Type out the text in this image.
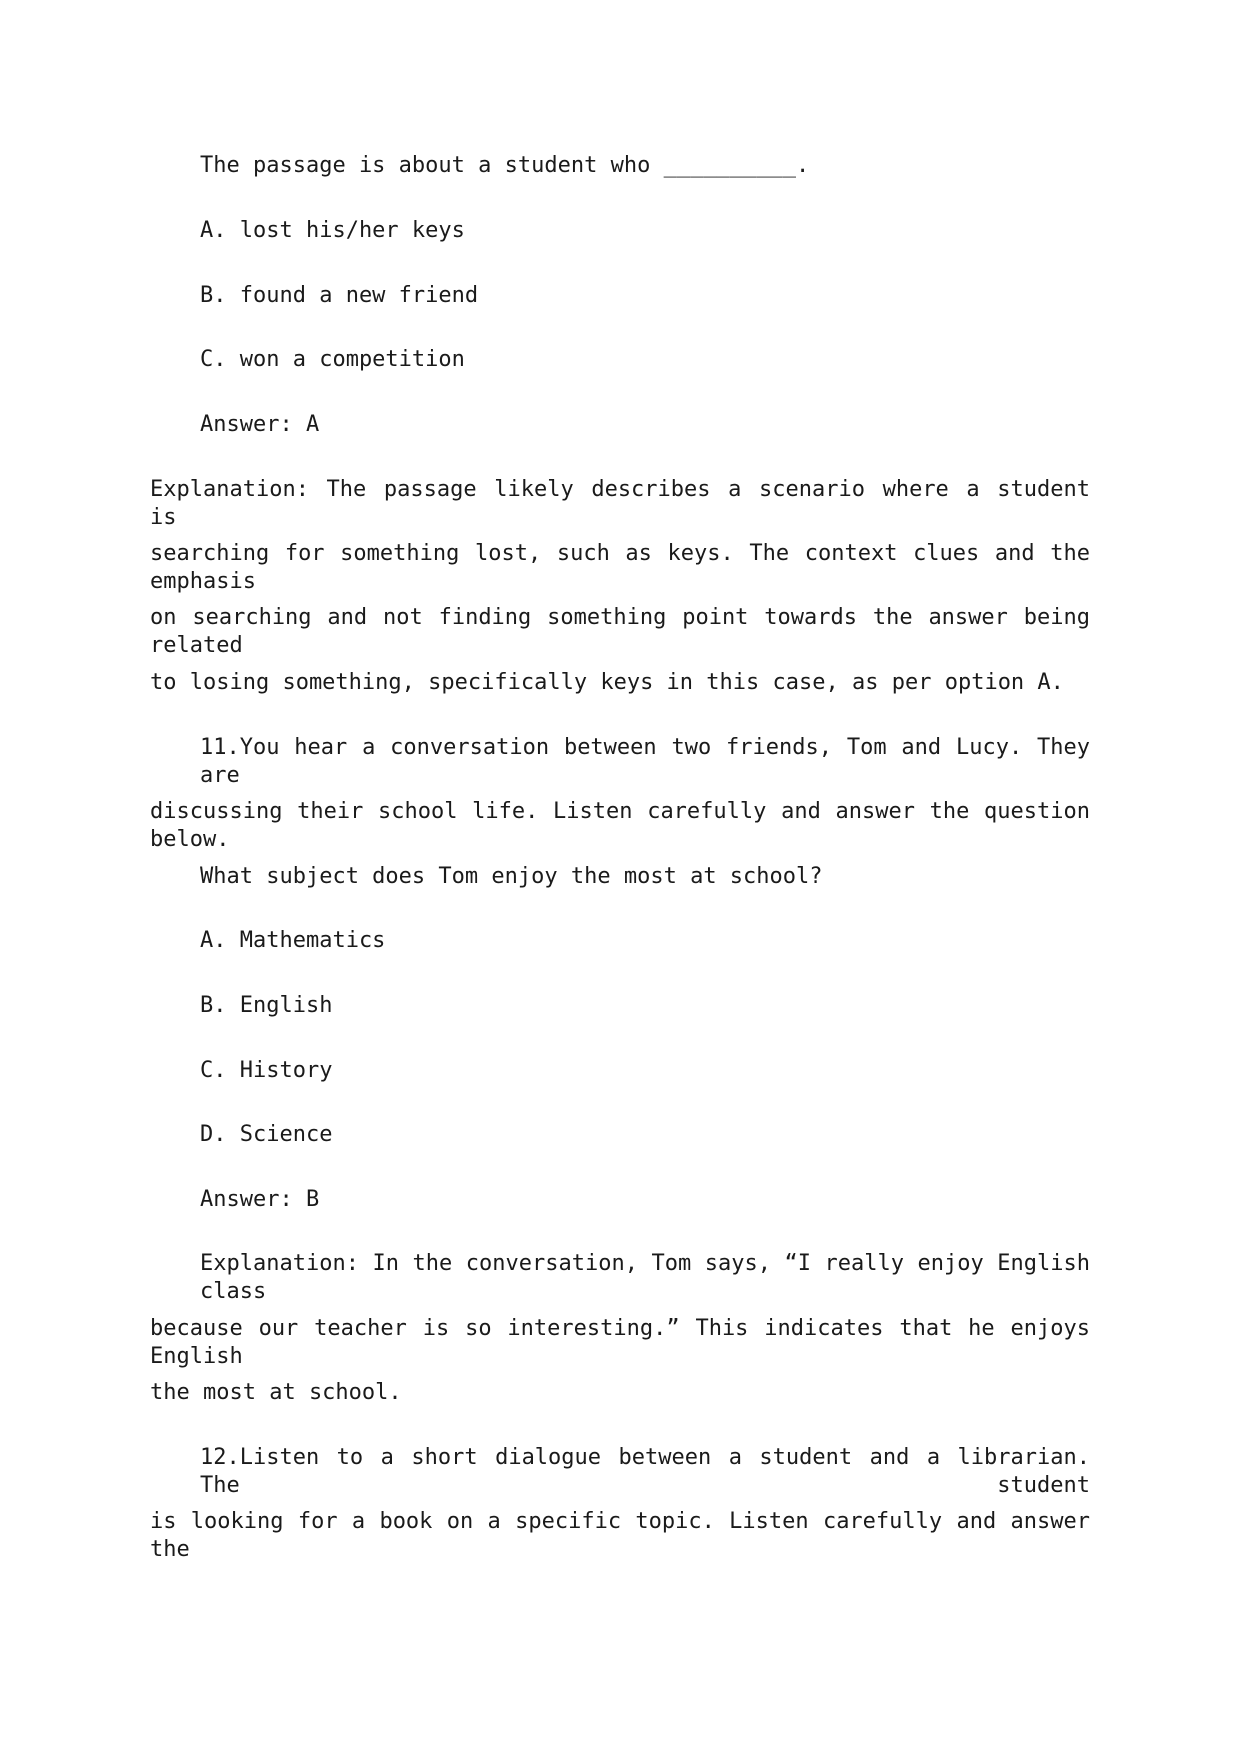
The passage is about a student who __________.
A. lost his/her keys
B. found a new friend
C. won a competition
Answer: A
Explanation: The passage likely describes a scenario where a student is
searching for something lost, such as keys. The context clues and the emphasis
on searching and not finding something point towards the answer being related
to losing something, specifically keys in this case, as per option A.
11.You hear a conversation between two friends, Tom and Lucy. They are
discussing their school life. Listen carefully and answer the question below.
What subject does Tom enjoy the most at school?
A. Mathematics
B. English
C. History
D. Science
Answer: B
Explanation: In the conversation, Tom says, “I really enjoy English class
because our teacher is so interesting.” This indicates that he enjoys English
the most at school.
12.Listen to a short dialogue between a student and a librarian. The student
is looking for a book on a specific topic. Listen carefully and answer the
